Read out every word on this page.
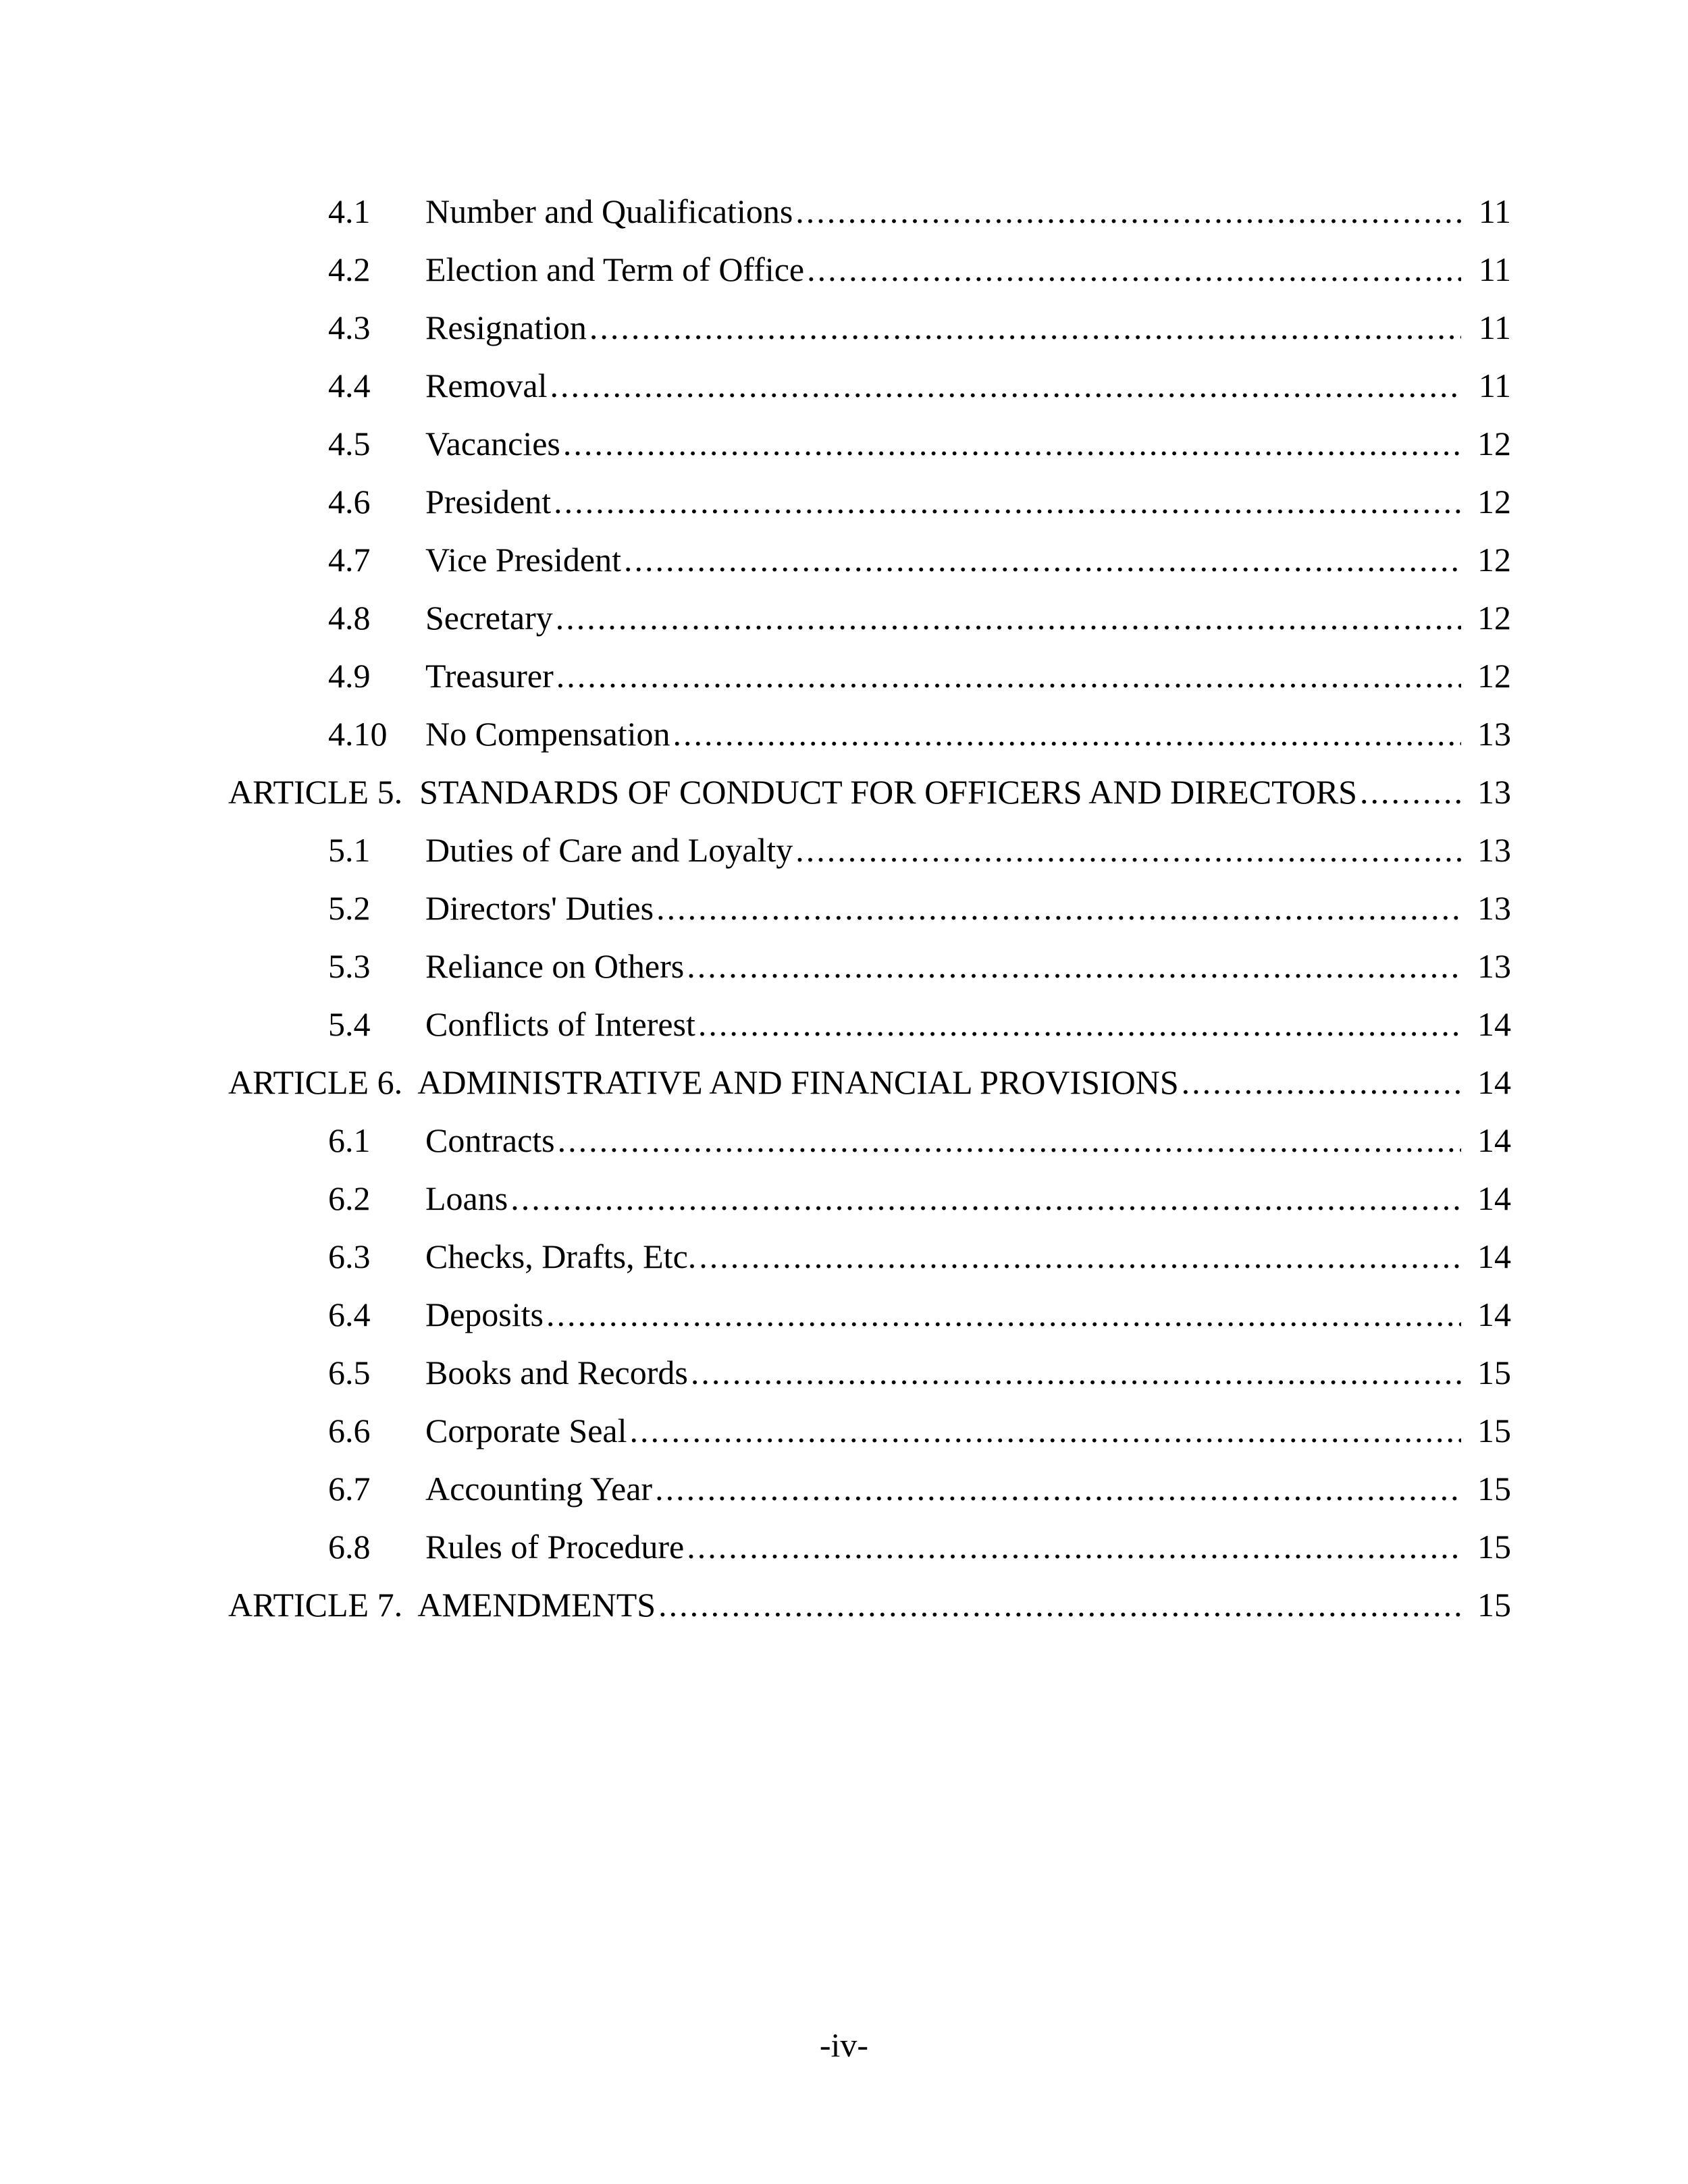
4.1	Number and Qualifications .....	11
4.2	Election and Term of Office .....	11
4.3	Resignation .....	11
4.4	Removal .....	11
4.5	Vacancies .....	12
4.6	President .....	12
4.7	Vice President .....	12
4.8	Secretary .....	12
4.9	Treasurer .....	12
4.10	No Compensation .....	13
ARTICLE 5.  STANDARDS OF CONDUCT FOR OFFICERS AND DIRECTORS .....	13
5.1	Duties of Care and Loyalty .....	13
5.2	Directors' Duties .....	13
5.3	Reliance on Others .....	13
5.4	Conflicts of Interest .....	14
ARTICLE 6.  ADMINISTRATIVE AND FINANCIAL PROVISIONS .....	14
6.1	Contracts .....	14
6.2	Loans .....	14
6.3	Checks, Drafts, Etc. .....	14
6.4	Deposits .....	14
6.5	Books and Records .....	15
6.6	Corporate Seal .....	15
6.7	Accounting Year .....	15
6.8	Rules of Procedure .....	15
ARTICLE 7.  AMENDMENTS .....	15
-iv-
